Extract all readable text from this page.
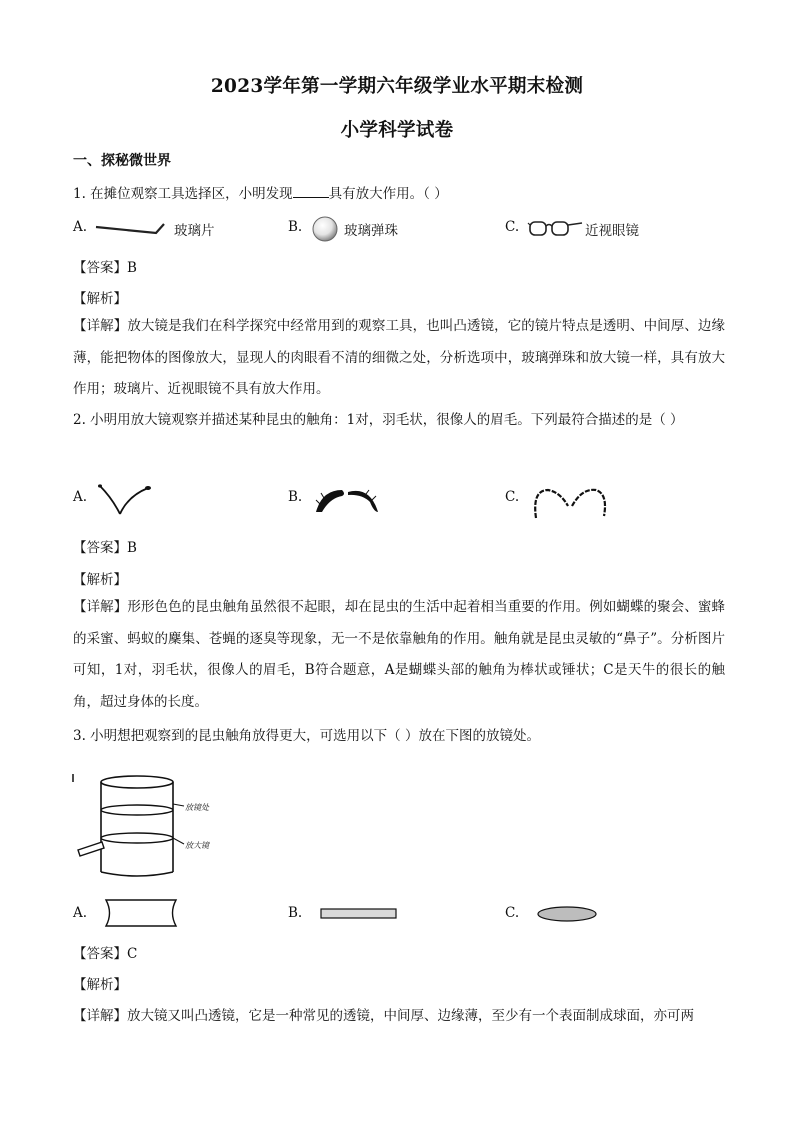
2023学年第一学期六年级学业水平期末检测
小学科学试卷
一、探秘微世界
1. 在摊位观察工具选择区，小明发现	具有放大作用。（ ）
A.	玻璃片	B.	玻璃弹珠	C.	近视眼镜
【答案】B
【解析】
【详解】放大镜是我们在科学探究中经常用到的观察工具，也叫凸透镜，它的镜片特点是透明、中间厚、边缘薄，能把物体的图像放大，显现人的肉眼看不清的细微之处，分析选项中，玻璃弹珠和放大镜一样，具有放大作用；玻璃片、近视眼镜不具有放大作用。
2. 小明用放大镜观察并描述某种昆虫的触角：1对，羽毛状，很像人的眉毛。下列最符合描述的是（ ）
A.	B.	C.
【答案】B
【解析】
【详解】形形色色的昆虫触角虽然很不起眼，却在昆虫的生活中起着相当重要的作用。例如蝴蝶的聚会、蜜蜂的采蜜、蚂蚁的麇集、苍蝇的逐臭等现象，无一不是依靠触角的作用。触角就是昆虫灵敏的“鼻子”。分析图片可知，1对，羽毛状，很像人的眉毛，B符合题意，A是蝴蝶头部的触角为棒状或锤状；C是天牛的很长的触角，超过身体的长度。
3. 小明想把观察到的昆虫触角放得更大，可选用以下（ ）放在下图的放镜处。
放镜处
放大镜
A.	B.	C.
【答案】C
【解析】
【详解】放大镜又叫凸透镜，它是一种常见的透镜，中间厚、边缘薄，至少有一个表面制成球面，亦可两
